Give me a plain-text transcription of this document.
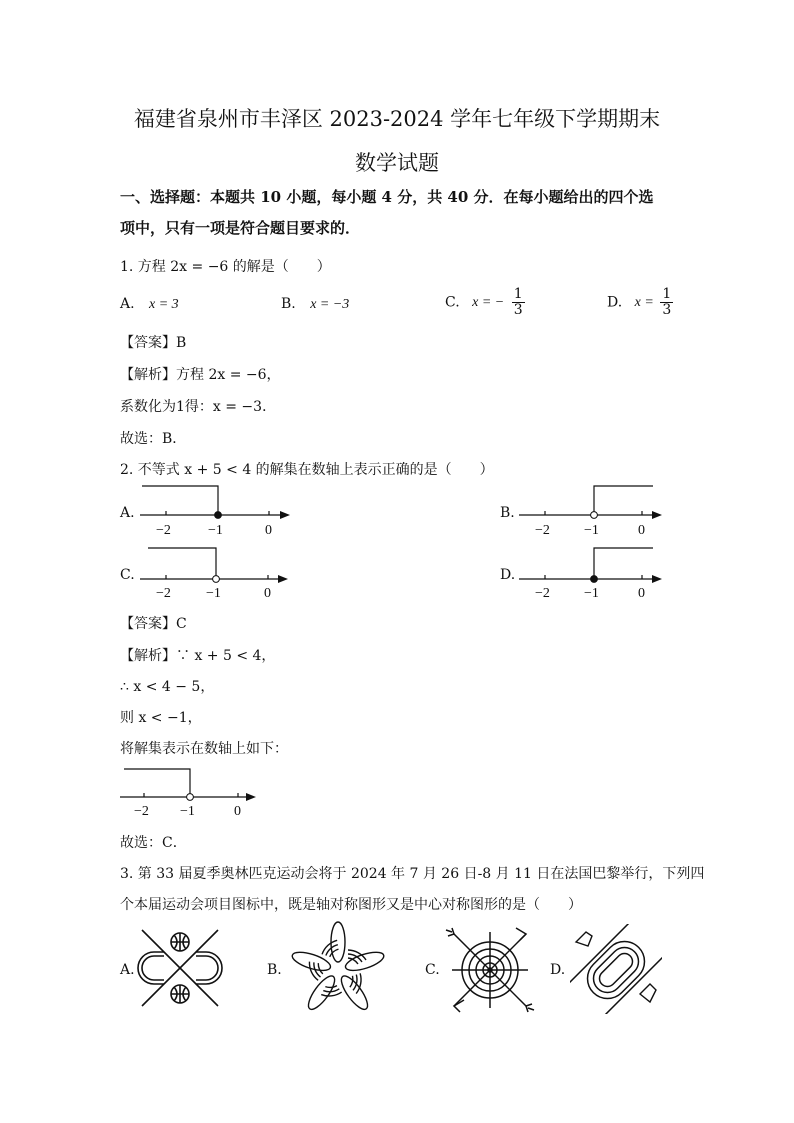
福建省泉州市丰泽区 2023-2024 学年七年级下学期期末
数学试题
一、选择题：本题共 10 小题，每小题 4 分，共 40 分．在每小题给出的四个选
项中，只有一项是符合题目要求的．
1. 方程 2x = −6 的解是（　　）
A. x = 3	B. x = −3	C. x = − $\frac{1}{3}$	D. $x = \frac{1}{3}$
【答案】B
【解析】方程 2x = −6，
系数化为1得：x = −3．
故选：B．
2. 不等式 x + 5 < 4 的解集在数轴上表示正确的是（　　）
A.	B.
C.	D.
−2	−1	0	−2 −1	0
−2	−1	0	−2 −1	0
【答案】C
【解析】∵ x + 5 < 4，
∴ x < 4 − 5，
则 x < −1，
将解集表示在数轴上如下：
−2 −1	0
故选：C．
3. 第 33 届夏季奥林匹克运动会将于 2024 年 7 月 26 日-8 月 11 日在法国巴黎举行，下列四
个本届运动会项目图标中，既是轴对称图形又是中心对称图形的是（　　）
A.	B.	C.	D.
